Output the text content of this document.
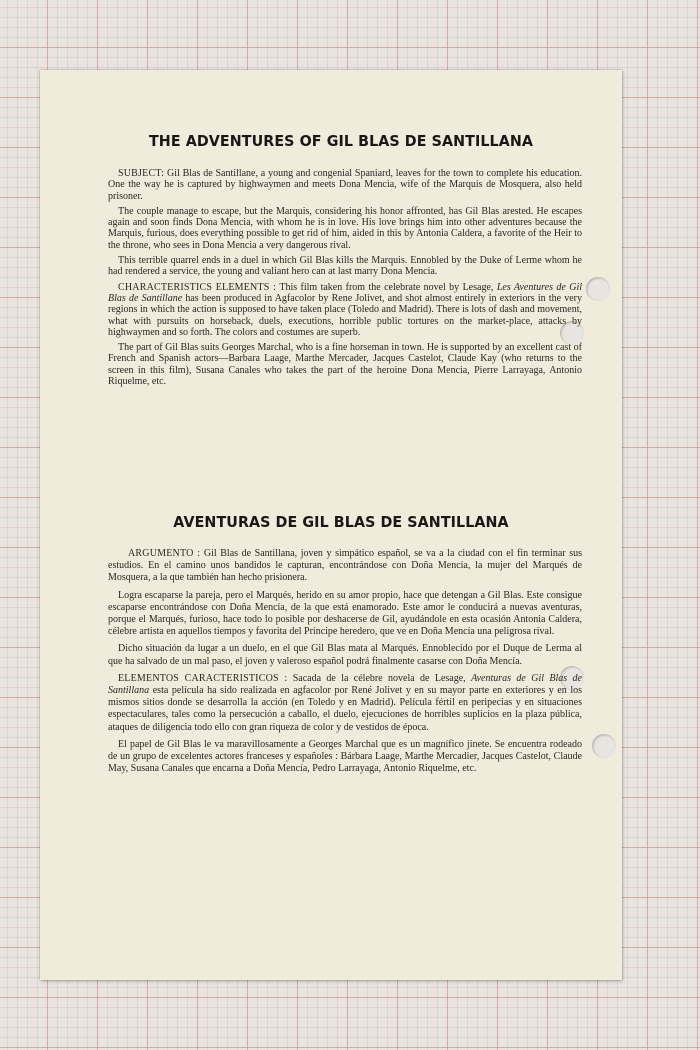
THE ADVENTURES OF GIL BLAS DE SANTILLANA

SUBJECT: Gil Blas de Santillane, a young and congenial Spaniard, leaves for the town to complete his education. One the way he is captured by highwaymen and meets Dona Mencia, wife of the Marquis de Mosquera, also held prisoner.

The couple manage to escape, but the Marquis, considering his honor affronted, has Gil Blas arested. He escapes again and soon finds Dona Mencia, with whom he is in love. His love brings him into other adventures because the Marquis, furious, does everything possible to get rid of him, aided in this by Antonia Caldera, a favorite of the Heir to the throne, who sees in Dona Mencia a very dangerous rival.

This terrible quarrel ends in a duel in which Gil Blas kills the Marquis. Ennobled by the Duke of Lerme whom he had rendered a service, the young and valiant hero can at last marry Dona Mencia.

CHARACTERISTICS ELEMENTS : This film taken from the celebrate novel by Lesage, Les Aventures de Gil Blas de Santillane has been produced in Agfacolor by Rene Jolivet, and shot almost entirely in exteriors in the very regions in which the action is supposed to have taken place (Toledo and Madrid). There is lots of dash and movement, what with pursuits on horseback, duels, executions, horrible public tortures on the market-place, attacks by highwaymen and so forth. The colors and costumes are superb.

The part of Gil Blas suits Georges Marchal, who is a fine horseman in town. He is supported by an excellent cast of French and Spanish actors—Barbara Laage, Marthe Mercader, Jacques Castelot, Claude Kay (who returns to the screen in this film), Susana Canales who takes the part of the heroine Dona Mencia, Pierre Larrayaga, Antonio Riquelme, etc.

AVENTURAS DE GIL BLAS DE SANTILLANA

ARGUMENTO : Gil Blas de Santillana, joven y simpático español, se va a la ciudad con el fin terminar sus estudios. En el camino unos bandidos le capturan, encontrándose con Doña Mencía, la mujer del Marqués de Mosquera, a la que también han hecho prisionera.

Logra escaparse la pareja, pero el Marqués, herido en su amor propio, hace que detengan a Gil Blas. Este consigue escaparse encontrándose con Doña Mencía, de la que está enamorado. Este amor le conducirá a nuevas aventuras, porque el Marqués, furioso, hace todo lo posible por deshacerse de Gil, ayudándole en esta ocasión Antonia Caldera, célebre artista en aquellos tiempos y favorita del Príncipe heredero, que ve en Doña Mencía una peligrosa rival.

Dicho situación da lugar a un duelo, en el que Gil Blas mata al Marqués. Ennoblecido por el Duque de Lerma al que ha salvado de un mal paso, el joven y valeroso español podrá finalmente casarse con Doña Mencía.

ELEMENTOS CARACTERISTICOS : Sacada de la célebre novela de Lesage, Aventuras de Gil Blas de Santillana esta película ha sido realizada en agfacolor por René Jolivet y en su mayor parte en exteriores y en los mismos sitios donde se desarrolla la acción (en Toledo y en Madrid). Película fértil en peripecias y en situaciones espectaculares, tales como la persecución a caballo, el duelo, ejecuciones de horribles suplicios en la plaza pública, ataques de diligencia todo ello con gran riqueza de color y de vestidos de época.

El papel de Gil Blas le va maravillosamente a Georges Marchal que es un magnífico jinete. Se encuentra rodeado de un grupo de excelentes actores franceses y españoles : Bárbara Laage, Marthe Mercadier, Jacques Castelot, Claude May, Susana Canales que encarna a Doña Mencía, Pedro Larrayaga, Antonio Riquelme, etc.
